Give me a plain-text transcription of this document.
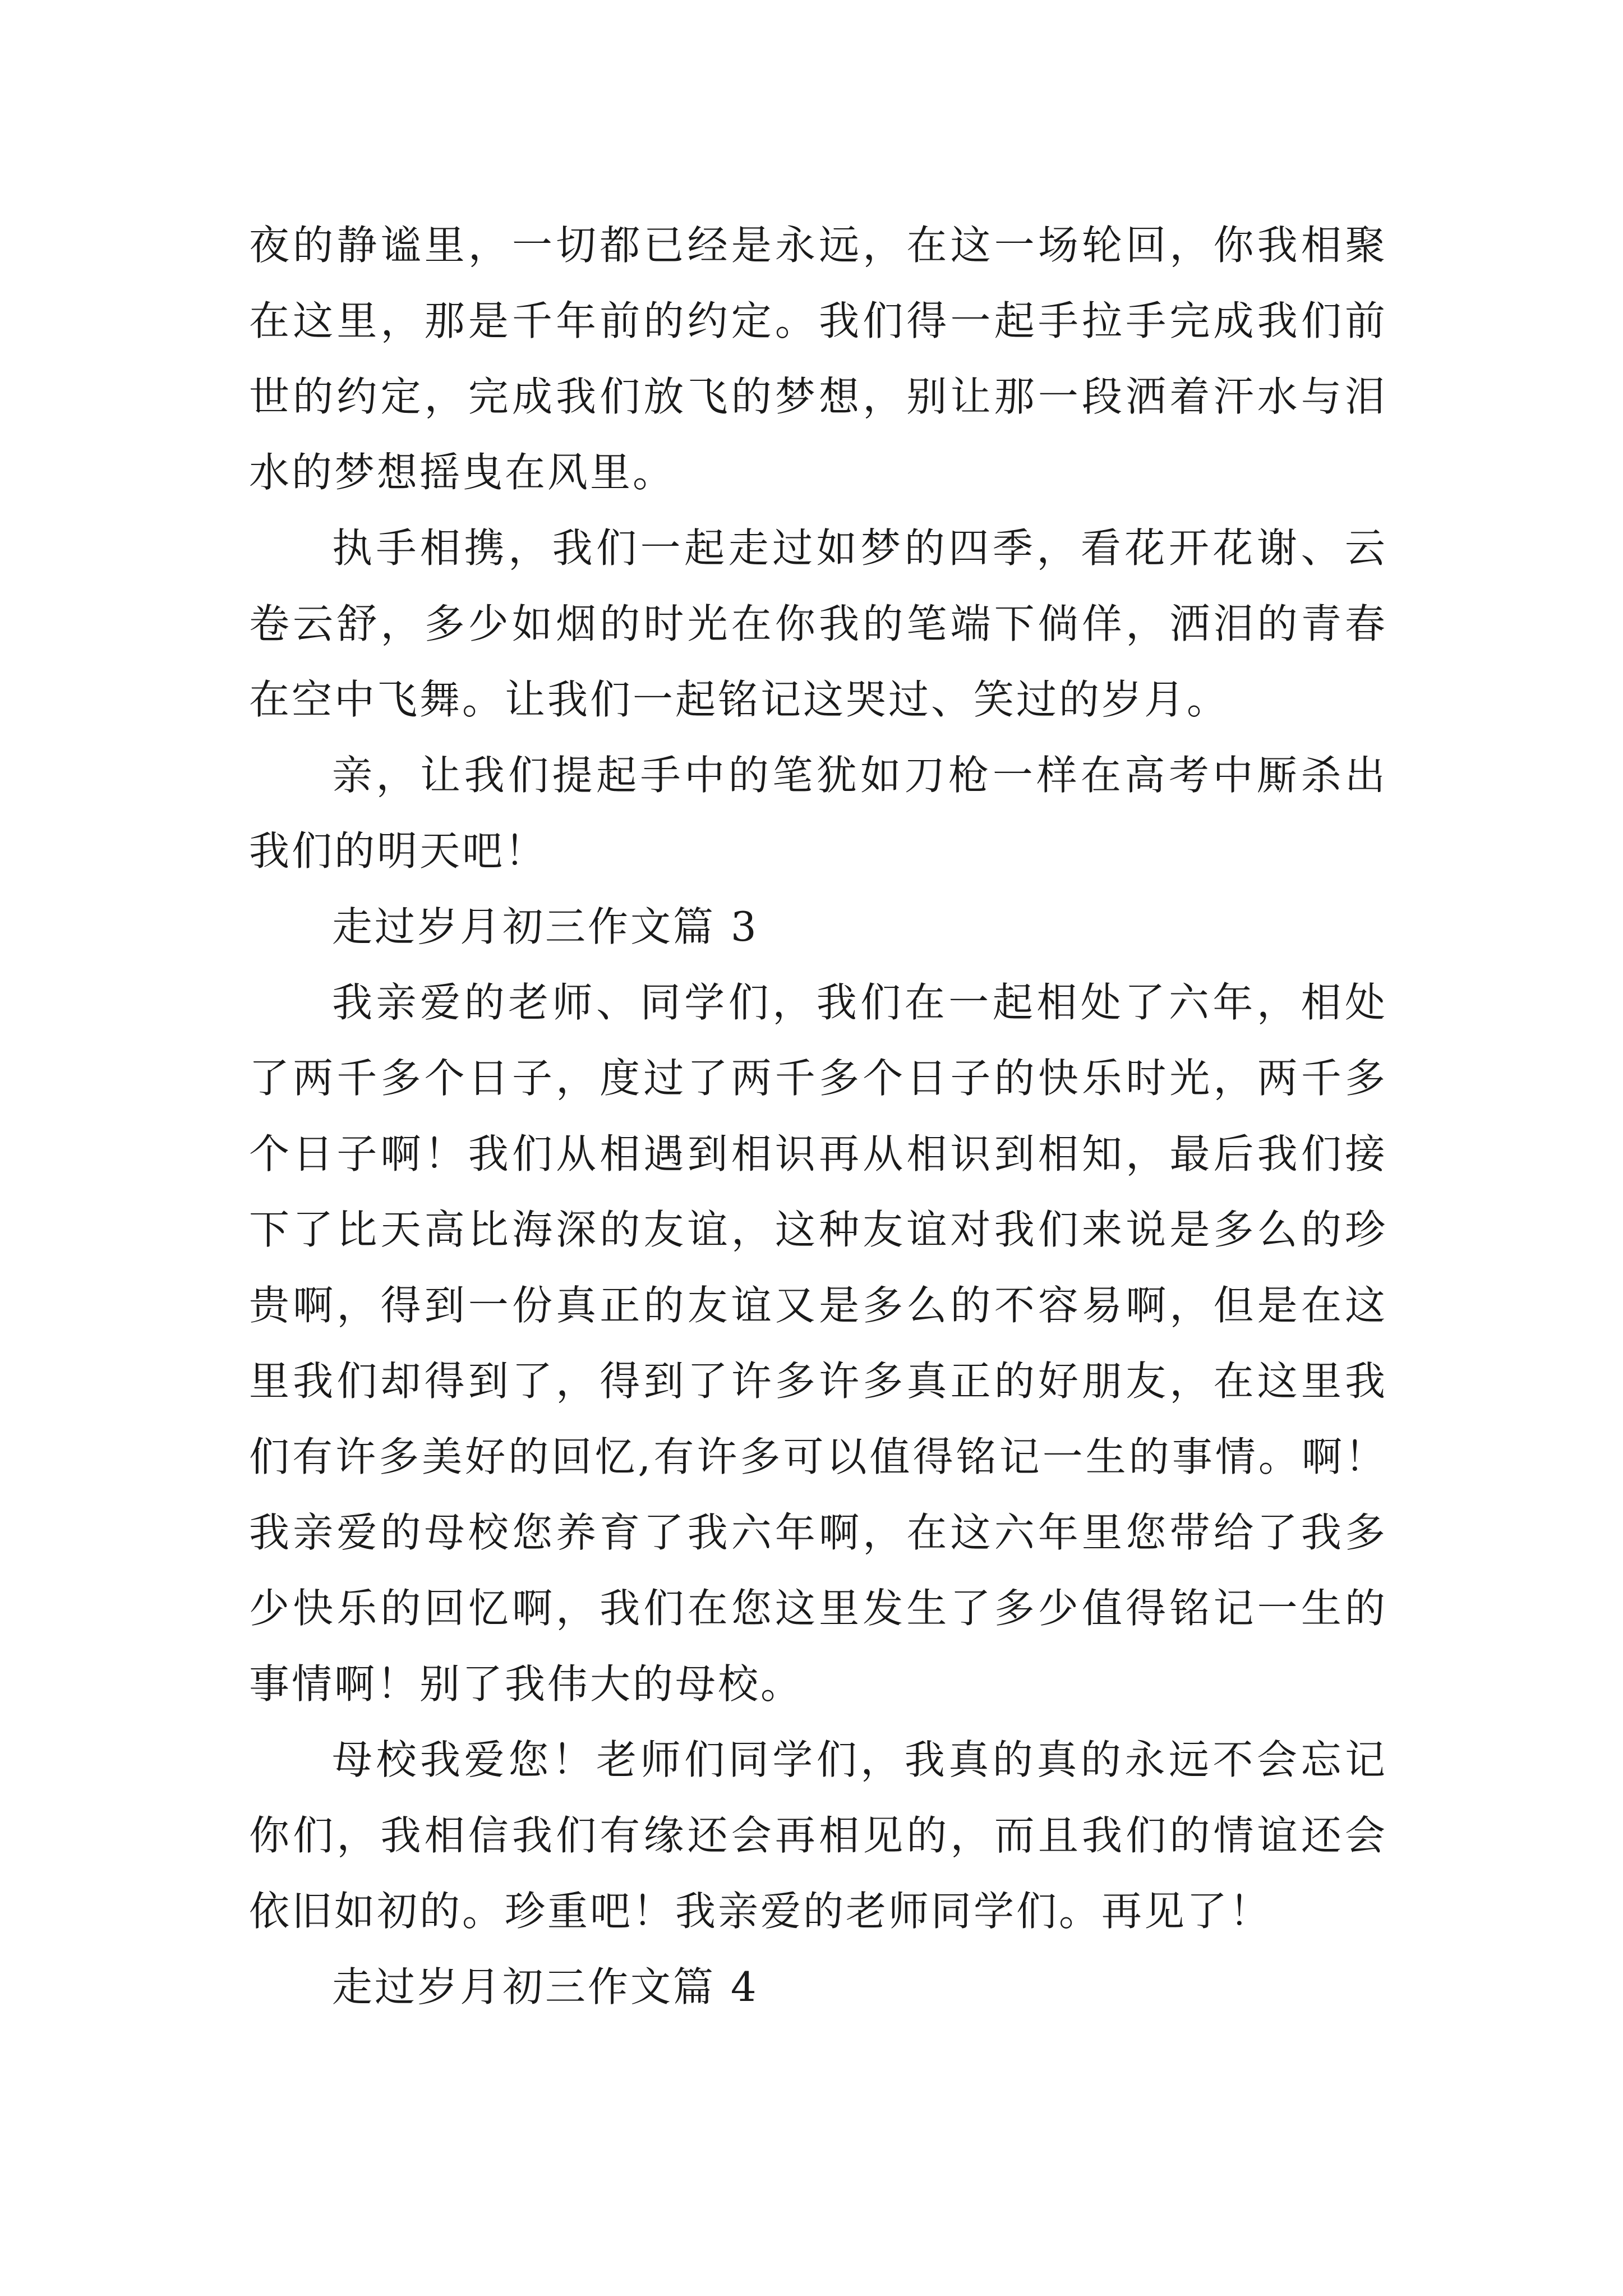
夜的静谧里，一切都已经是永远，在这一场轮回，你我相聚在这里，那是千年前的约定。我们得一起手拉手完成我们前世的约定，完成我们放飞的梦想，别让那一段洒着汗水与泪水的梦想摇曳在风里。

执手相携，我们一起走过如梦的四季，看花开花谢、云卷云舒，多少如烟的时光在你我的笔端下倘佯，洒泪的青春在空中飞舞。让我们一起铭记这哭过、笑过的岁月。

亲，让我们提起手中的笔犹如刀枪一样在高考中厮杀出我们的明天吧！

走过岁月初三作文篇 3

我亲爱的老师、同学们，我们在一起相处了六年，相处了两千多个日子，度过了两千多个日子的快乐时光，两千多个日子啊！我们从相遇到相识再从相识到相知，最后我们接下了比天高比海深的友谊，这种友谊对我们来说是多么的珍贵啊，得到一份真正的友谊又是多么的不容易啊，但是在这里我们却得到了，得到了许多许多真正的好朋友，在这里我们有许多美好的回忆,有许多可以值得铭记一生的事情。啊！我亲爱的母校您养育了我六年啊，在这六年里您带给了我多少快乐的回忆啊，我们在您这里发生了多少值得铭记一生的事情啊！别了我伟大的母校。

母校我爱您！老师们同学们，我真的真的永远不会忘记你们，我相信我们有缘还会再相见的，而且我们的情谊还会依旧如初的。珍重吧！我亲爱的老师同学们。再见了！

走过岁月初三作文篇 4
